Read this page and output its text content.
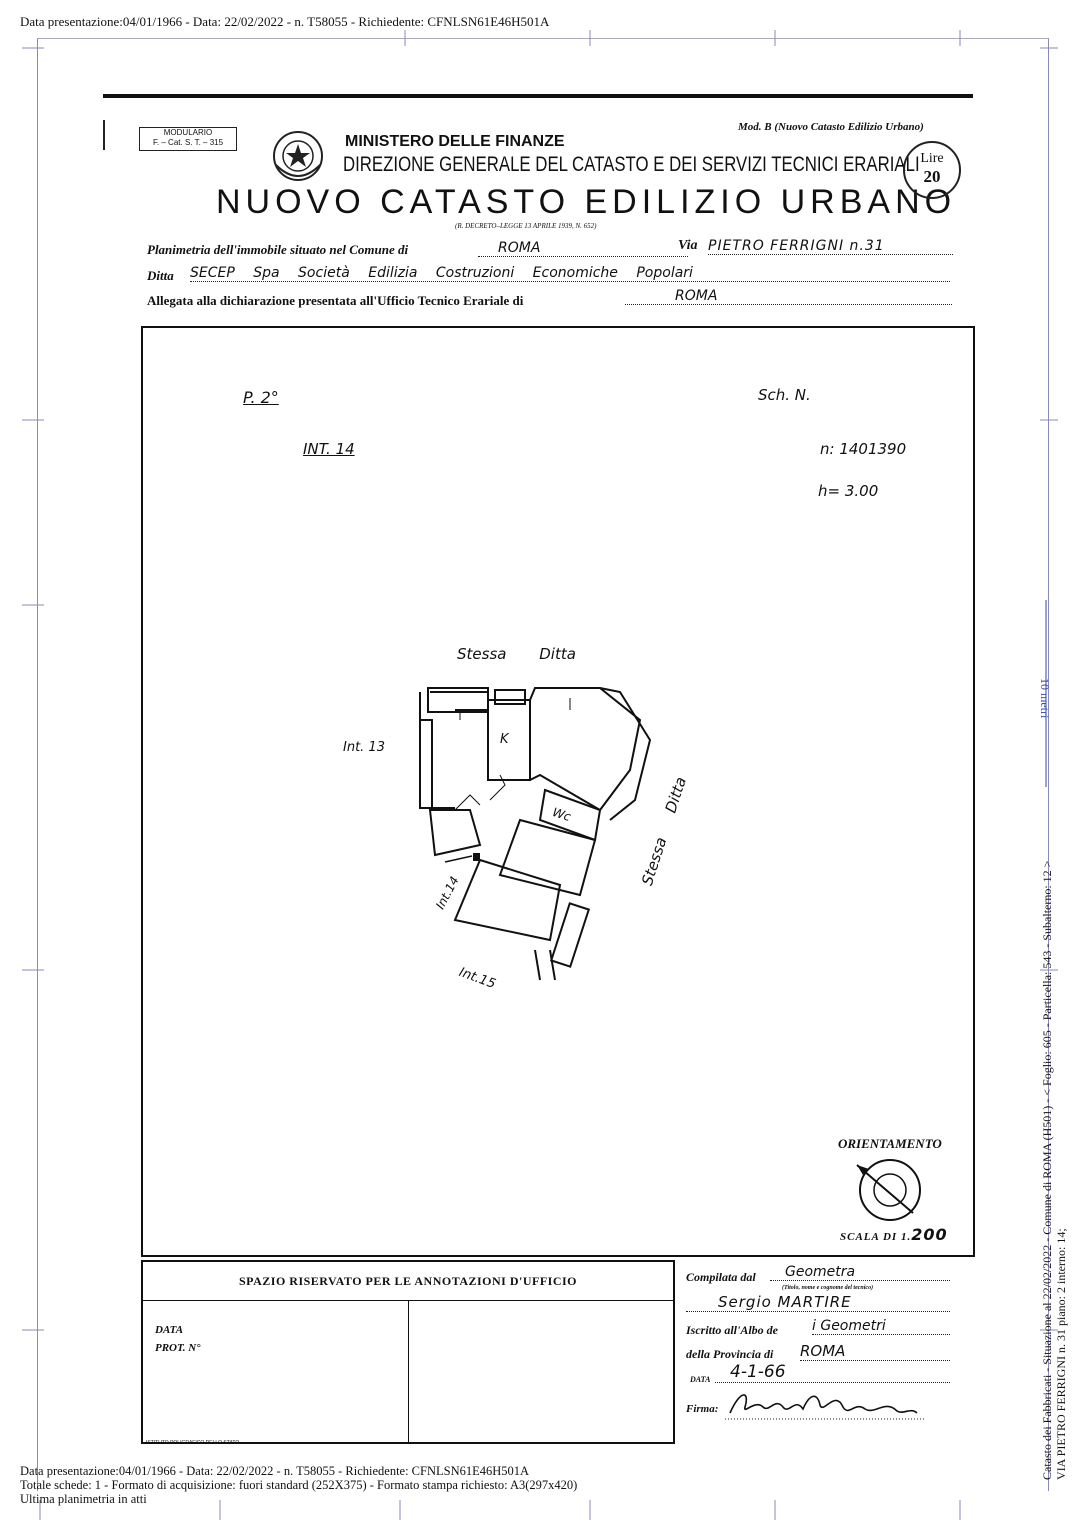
Data presentazione:04/01/1966 - Data: 22/02/2022 - n. T58055 - Richiedente: CFNLSN61E46H501A
Catasto dei Fabbricati - Situazione al 22/02/2022 - Comune di ROMA (H501) - < Foglio: 605 - Particella: 543 - Subalterno: 12 > VIA PIETRO FERRIGNI n. 31 piano: 2 interno: 14;
10 metri
MODULARIO
F. – Cat. S. T. – 315
Mod. B (Nuovo Catasto Edilizio Urbano)
MINISTERO DELLE FINANZE
DIREZIONE GENERALE DEL CATASTO E DEI SERVIZI TECNICI ERARIALI
NUOVO CATASTO EDILIZIO URBANO
(R. DECRETO–LEGGE 13 APRILE 1939, N. 652)
Lire
20
Planimetria dell'immobile situato nel Comune di	ROMA	Via PIETRO FERRIGNI n.31
Ditta SECEP Spa Società Edilizia Costruzioni Economiche Popolari
Allegata alla dichiarazione presentata all'Ufficio Tecnico Erariale di	ROMA
P. 2°	Sch. N.
INT. 14	n: 1401390
h= 3.00
Stessa Ditta
Stessa Ditta
Int. 13
Int.14
Int.15
K
Wc
ORIENTAMENTO
SCALA DI 1.200
SPAZIO RISERVATO PER LE ANNOTAZIONI D'UFFICIO
DATA
PROT. N°
ISTITUTO POLIGRAFICO DELLO STATO
Compilata dal	Geometra
(Titolo, nome e cognome del tecnico)
Sergio MARTIRE
Iscritto all'Albo de i Geometri
della Provincia di ROMA
DATA	4-1-66
Firma:
Data presentazione:04/01/1966 - Data: 22/02/2022 - n. T58055 - Richiedente: CFNLSN61E46H501A
Totale schede: 1 - Formato di acquisizione: fuori standard (252X375) - Formato stampa richiesto: A3(297x420)
Ultima planimetria in atti
